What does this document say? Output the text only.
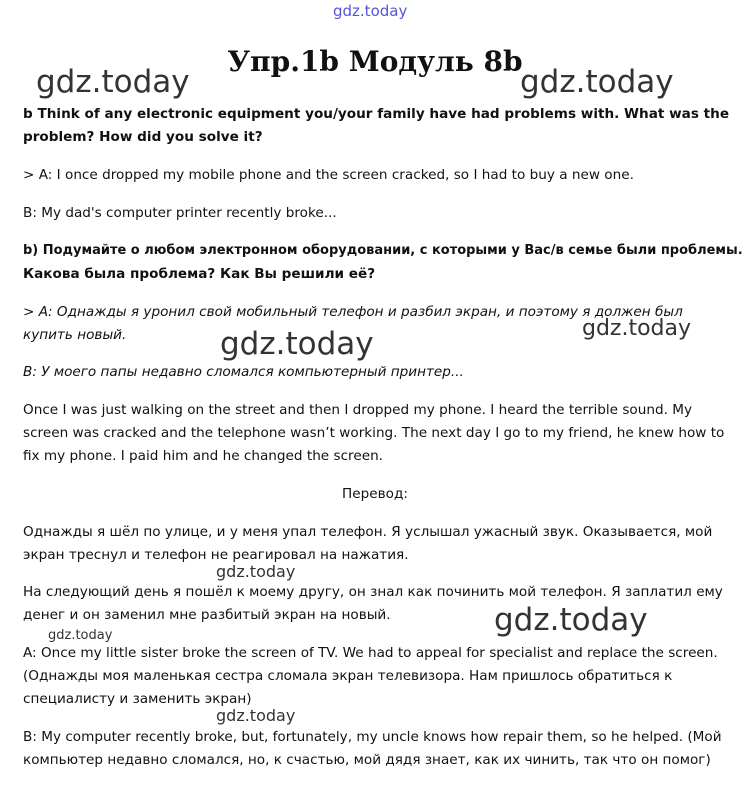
gdz.today
gdz.today	gdz.today
gdz.today
gdz.today
gdz.today
gdz.today
gdz.today
gdz.today
Упр.1b Модуль 8b

b Think of any electronic equipment you/your family have had problems with. What was the

problem? How did you solve it?

> A: I once dropped my mobile phone and the screen cracked, so I had to buy a new one.

B: My dad's computer printer recently broke...

b) Подумайте о любом электронном оборудовании, с которыми у Вас/в семье были проблемы.

Какова была проблема? Как Вы решили её?

> А: Однажды я уронил свой мобильный телефон и разбил экран, и поэтому я должен был

купить новый.

В: У моего папы недавно сломался компьютерный принтер...

Once I was just walking on the street and then I dropped my phone. I heard the terrible sound. My

screen was cracked and the telephone wasn’t working. The next day I go to my friend, he knew how to

fix my phone. I paid him and he changed the screen.

Перевод:

Однажды я шёл по улице, и у меня упал телефон. Я услышал ужасный звук. Оказывается, мой

экран треснул и телефон не реагировал на нажатия.

На следующий день я пошёл к моему другу, он знал как починить мой телефон. Я заплатил ему

денег и он заменил мне разбитый экран на новый.

A: Once my little sister broke the screen of TV. We had to appeal for specialist and replace the screen.

(Однажды моя маленькая сестра сломала экран телевизора. Нам пришлось обратиться к

специалисту и заменить экран)

B: My computer recently broke, but, fortunately, my uncle knows how repair them, so he helped. (Мой

компьютер недавно сломался, но, к счастью, мой дядя знает, как их чинить, так что он помог)
